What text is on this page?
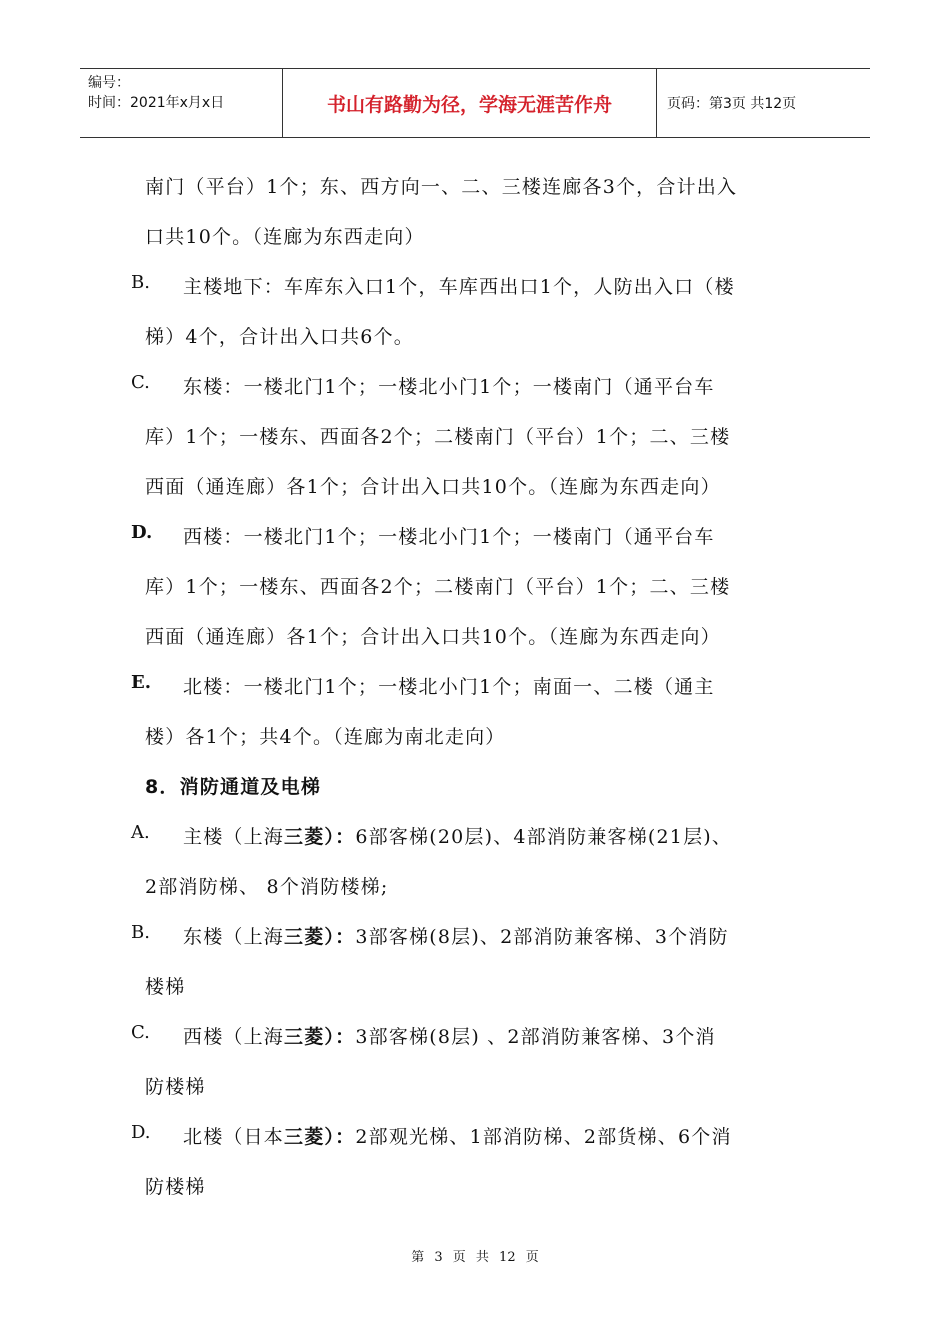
编号：
时间：2021年x月x日	书山有路勤为径，学海无涯苦作舟	页码：第3页 共12页
南门（平台）1个；东、西方向一、二、三楼连廊各3个，合计出入
口共10个。（连廊为东西走向）
B. 主楼地下：车库东入口1个，车库西出口1个，人防出入口（楼
梯）4个，合计出入口共6个。
C. 东楼：一楼北门1个；一楼北小门1个；一楼南门（通平台车
库）1个；一楼东、西面各2个；二楼南门（平台）1个；二、三楼
西面（通连廊）各1个；合计出入口共10个。（连廊为东西走向）
D. 西楼：一楼北门1个；一楼北小门1个；一楼南门（通平台车
库）1个；一楼东、西面各2个；二楼南门（平台）1个；二、三楼
西面（通连廊）各1个；合计出入口共10个。（连廊为东西走向）
E. 北楼：一楼北门1个；一楼北小门1个；南面一、二楼（通主
楼）各1个；共4个。（连廊为南北走向）
8．消防通道及电梯
A. 主楼（上海三菱）：6部客梯(20层)、4部消防兼客梯(21层)、
2部消防梯、 8个消防楼梯;
B. 东楼（上海三菱）：3部客梯(8层)、2部消防兼客梯、3个消防
楼梯
C. 西楼（上海三菱）：3部客梯(8层) 、2部消防兼客梯、3个消
防楼梯
D. 北楼（日本三菱）：2部观光梯、1部消防梯、2部货梯、6个消
防楼梯
第 3 页 共 12 页
